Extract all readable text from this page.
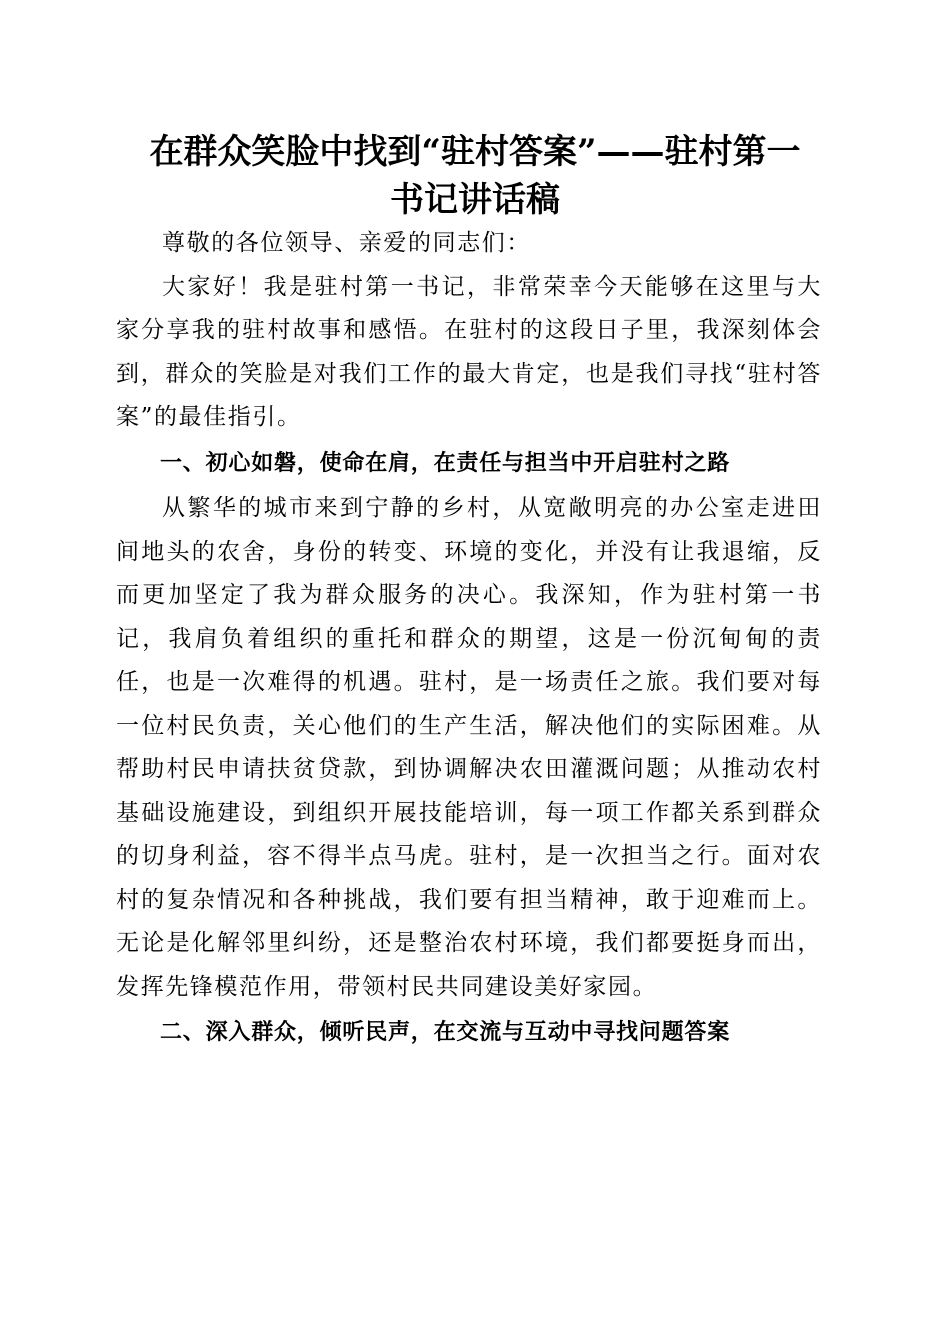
在群众笑脸中找到“驻村答案”——驻村第一
书记讲话稿

尊敬的各位领导、亲爱的同志们：

大家好！我是驻村第一书记，非常荣幸今天能够在这里与大家分享我的驻村故事和感悟。在驻村的这段日子里，我深刻体会到，群众的笑脸是对我们工作的最大肯定，也是我们寻找“驻村答案”的最佳指引。

一、初心如磐，使命在肩，在责任与担当中开启驻村之路

从繁华的城市来到宁静的乡村，从宽敞明亮的办公室走进田间地头的农舍，身份的转变、环境的变化，并没有让我退缩，反而更加坚定了我为群众服务的决心。我深知，作为驻村第一书记，我肩负着组织的重托和群众的期望，这是一份沉甸甸的责任，也是一次难得的机遇。驻村，是一场责任之旅。我们要对每一位村民负责，关心他们的生产生活，解决他们的实际困难。从帮助村民申请扶贫贷款，到协调解决农田灌溉问题；从推动农村基础设施建设，到组织开展技能培训，每一项工作都关系到群众的切身利益，容不得半点马虎。驻村，是一次担当之行。面对农村的复杂情况和各种挑战，我们要有担当精神，敢于迎难而上。无论是化解邻里纠纷，还是整治农村环境，我们都要挺身而出，发挥先锋模范作用，带领村民共同建设美好家园。

二、深入群众，倾听民声，在交流与互动中寻找问题答案
